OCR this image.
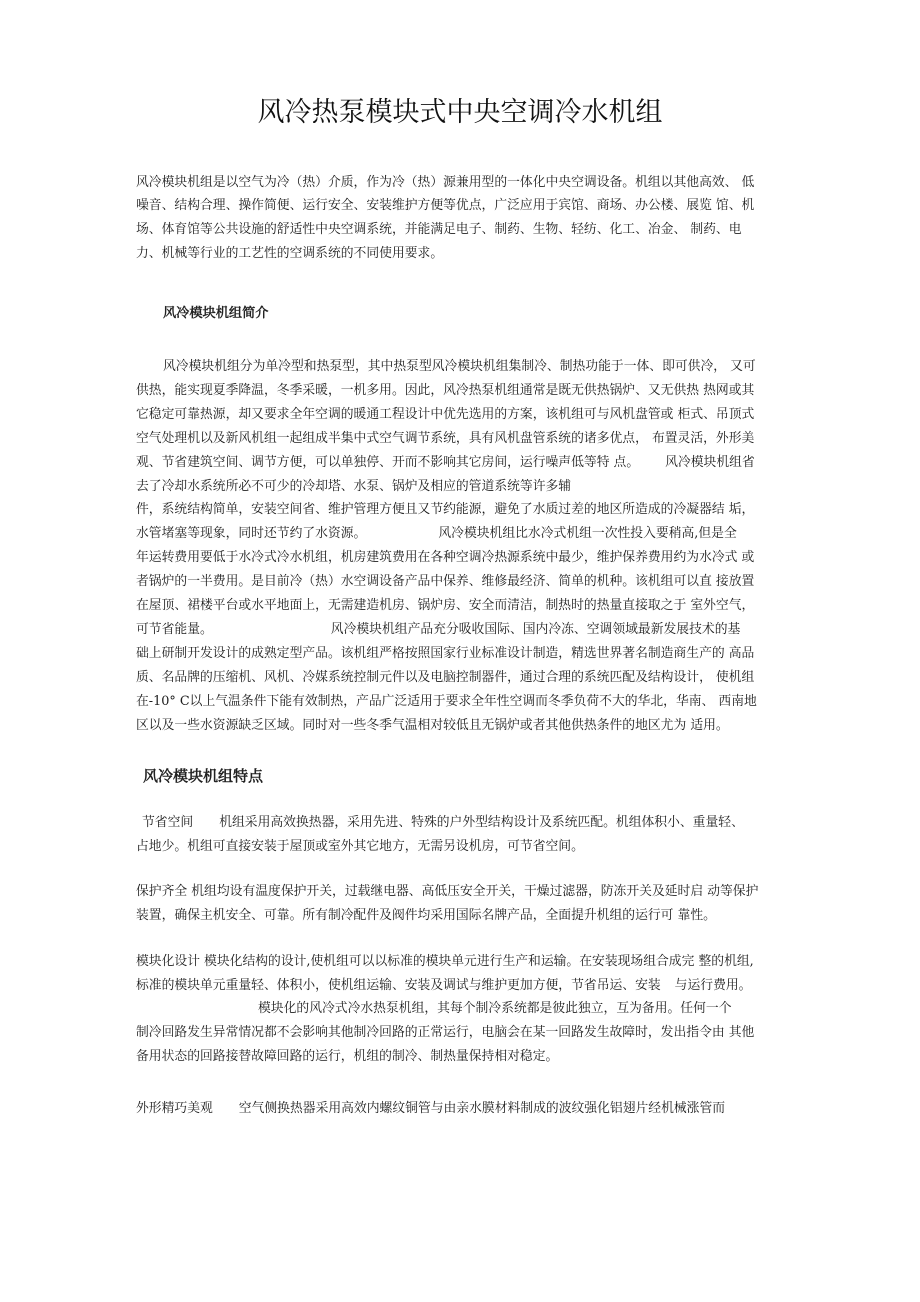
风冷热泵模块式中央空调冷水机组
风冷模块机组是以空气为冷（热）介质，作为冷（热）源兼用型的一体化中央空调设备。机组以其他高效、 低
噪音、结构合理、操作简便、运行安全、安装维护方便等优点，广泛应用于宾馆、商场、办公楼、展览 馆、机
场、体育馆等公共设施的舒适性中央空调系统，并能满足电子、制药、生物、轻纺、化工、冶金、 制药、电
力、机械等行业的工艺性的空调系统的不同使用要求。
风冷模块机组简介
风冷模块机组分为单冷型和热泵型，其中热泵型风冷模块机组集制冷、制热功能于一体、即可供冷， 又可
供热，能实现夏季降温，冬季采暖，一机多用。因此，风冷热泵机组通常是既无供热锅炉、又无供热 热网或其
它稳定可靠热源，却又要求全年空调的暖通工程设计中优先选用的方案，该机组可与风机盘管或 柜式、吊顶式
空气处理机以及新风机组一起组成半集中式空气调节系统，具有风机盘管系统的诸多优点， 布置灵活，外形美
观、节省建筑空间、调节方便，可以单独停、开而不影响其它房间，运行噪声低等特 点。 风冷模块机组省
去了冷却水系统所必不可少的冷却塔、水泵、锅炉及相应的管道系统等许多辅
件，系统结构简单，安装空间省、维护管理方便且又节约能源，避免了水质过差的地区所造成的冷凝器结 垢，
水管堵塞等现象，同时还节约了水资源。	风冷模块机组比水冷式机组一次性投入要稍高,但是全
年运转费用要低于水冷式冷水机组，机房建筑费用在各种空调冷热源系统中最少，维护保养费用约为水冷式 或
者锅炉的一半费用。是目前冷（热）水空调设备产品中保养、维修最经济、简单的机种。该机组可以直 接放置
在屋顶、裙楼平台或水平地面上，无需建造机房、锅炉房、安全而清洁，制热时的热量直接取之于 室外空气，
可节省能量。	风冷模块机组产品充分吸收国际、国内冷冻、空调领域最新发展技术的基
础上研制开发设计的成熟定型产品。该机组严格按照国家行业标准设计制造，精选世界著名制造商生产的 高品
质、名品牌的压缩机、风机、冷媒系统控制元件以及电脑控制器件，通过合理的系统匹配及结构设计， 使机组
在-10° C以上气温条件下能有效制热，产品广泛适用于要求全年性空调而冬季负荷不大的华北，华南、 西南地
区以及一些水资源缺乏区域。同时对一些冬季气温相对较低且无锅炉或者其他供热条件的地区尤为 适用。
风冷模块机组特点
节省空间 机组采用高效换热器，采用先进、特殊的户外型结构设计及系统匹配。机组体积小、重量轻、
占地少。机组可直接安装于屋顶或室外其它地方，无需另设机房，可节省空间。
保护齐全 机组均设有温度保护开关，过载继电器、高低压安全开关，干燥过滤器，防冻开关及延时启 动等保护
装置，确保主机安全、可靠。所有制冷配件及阀件均采用国际名牌产品，全面提升机组的运行可 靠性。
模块化设计 模块化结构的设计,使机组可以以标准的模块单元进行生产和运输。在安装现场组合成完 整的机组,
标准的模块单元重量轻、体积小，使机组运输、安装及调试与维护更加方便，节省吊运、安装 与运行费用。
模块化的风冷式冷水热泵机组，其每个制冷系统都是彼此独立，互为备用。任何一个
制冷回路发生异常情况都不会影响其他制冷回路的正常运行，电脑会在某一回路发生故障时，发出指令由 其他
备用状态的回路接替故障回路的运行，机组的制冷、制热量保持相对稳定。
外形精巧美观 空气侧换热器采用高效内螺纹铜管与由亲水膜材料制成的波纹强化铝翅片经机械涨管而
